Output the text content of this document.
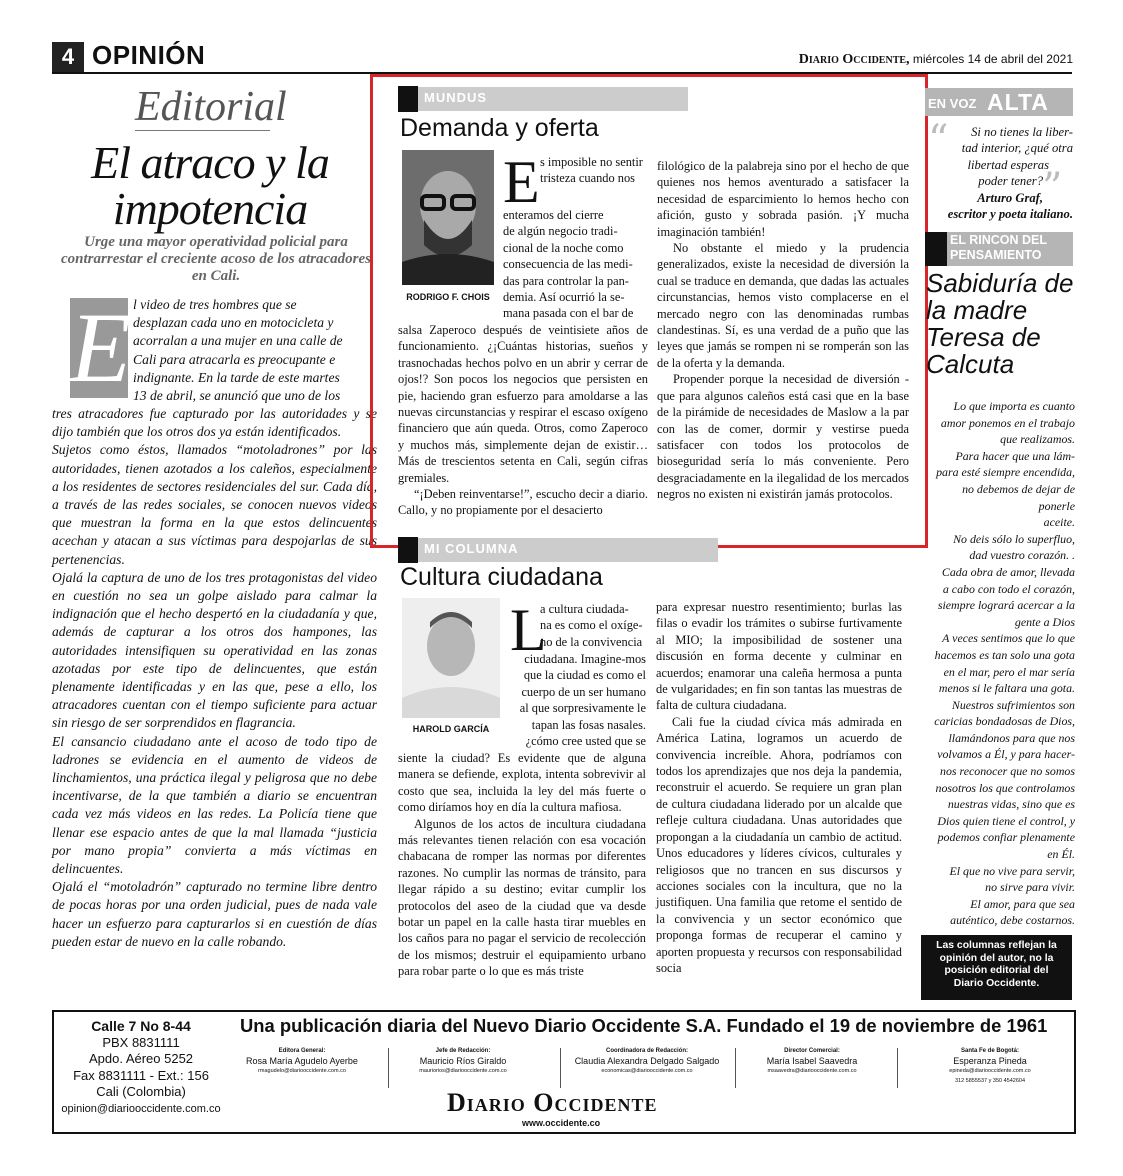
4 OPINIÓN	Diario Occidente, miércoles 14 de abril del 2021
Editorial
El atraco y la impotencia
Urge una mayor operatividad policial para contrarrestar el creciente acoso de los atracadores en Cali.
E l video de tres hombres que se
desplazan cada uno en motocicleta y
acorralan a una mujer en una calle de
Cali para atracarla es preocupante e
indignante. En la tarde de este martes
13 de abril, se anunció que uno de los
tres atracadores fue capturado por las autoridades y se dijo también que los otros dos ya están identificados.
Sujetos como éstos, llamados “motoladrones” por las autoridades, tienen azotados a los caleños, especialmente a los residentes de sectores residenciales del sur. Cada día, a través de las redes sociales, se conocen nuevos videos que muestran la forma en la que estos delincuentes acechan y atacan a sus víctimas para despojarlas de sus pertenencias.
Ojalá la captura de uno de los tres protagonistas del video en cuestión no sea un golpe aislado para calmar la indignación que el hecho despertó en la ciudadanía y que, además de capturar a los otros dos hampones, las autoridades intensifiquen su operatividad en las zonas azotadas por este tipo de delincuentes, que están plenamente identificadas y en las que, pese a ello, los atracadores cuentan con el tiempo suficiente para actuar sin riesgo de ser sorprendidos en flagrancia.
El cansancio ciudadano ante el acoso de todo tipo de ladrones se evidencia en el aumento de videos de linchamientos, una práctica ilegal y peligrosa que no debe incentivarse, de la que también a diario se encuentran cada vez más videos en las redes. La Policía tiene que llenar ese espacio antes de que la mal llamada “justicia por mano propia” convierta a más víctimas en delincuentes.
Ojalá el “motoladrón” capturado no termine libre dentro de pocas horas por una orden judicial, pues de nada vale hacer un esfuerzo para capturarlos si en cuestión de días pueden estar de nuevo en la calle robando.
MUNDUS
Demanda y oferta
RODRIGO F. CHOIS
E s imposible no sentir
tristeza cuando nos
enteramos del cierre
de algún negocio tradi-
cional de la noche como
consecuencia de las medi-
das para controlar la pan-
demia. Así ocurrió la se-
mana pasada con el bar de
salsa Zaperoco después de veintisiete años de funcionamiento. ¿¡Cuántas historias, sueños y trasnochadas hechos polvo en un abrir y cerrar de ojos!? Son pocos los negocios que persisten en pie, haciendo gran esfuerzo para amoldarse a las nuevas circunstancias y respirar el escaso oxígeno financiero que aún queda. Otros, como Zaperoco y muchos más, simplemente dejan de existir… Más de trescientos setenta en Cali, según cifras gremiales.
“¡Deben reinventarse!”, escucho decir a diario. Callo, y no propiamente por el desacierto
filológico de la palabreja sino por el hecho de que quienes nos hemos aventurado a satisfacer la necesidad de esparcimiento lo hemos hecho con afición, gusto y sobrada pasión. ¡Y mucha imaginación también!
No obstante el miedo y la prudencia generalizados, existe la necesidad de diversión la cual se traduce en demanda, que dadas las actuales circunstancias, hemos visto complacerse en el mercado negro con las denominadas rumbas clandestinas. Sí, es una verdad de a puño que las leyes que jamás se rompen ni se romperán son las de la oferta y la demanda.
Propender porque la necesidad de diversión -que para algunos caleños está casi que en la base de la pirámide de necesidades de Maslow a la par con las de comer, dormir y vestirse pueda satisfacer con todos los protocolos de bioseguridad sería lo más conveniente. Pero desgraciadamente en la ilegalidad de los mercados negros no existen ni existirán jamás protocolos.
MI COLUMNA
Cultura ciudadana
HAROLD GARCÍA
L
a cultura ciudada-
na es como el oxíge-
no de la convivencia
ciudadana. Imagine-mos
que la ciudad es como el
cuerpo de un ser humano
al que sorpresivamente le
tapan las fosas nasales.
¿cómo cree usted que se
siente la ciudad? Es evidente que de alguna manera se defiende, explota, intenta sobrevivir al costo que sea, incluida la ley del más fuerte o como diríamos hoy en día la cultura mafiosa.
Algunos de los actos de incultura ciudadana más relevantes tienen relación con esa vocación chabacana de romper las normas por diferentes razones. No cumplir las normas de tránsito, para llegar rápido a su destino; evitar cumplir los protocolos del aseo de la ciudad que va desde botar un papel en la calle hasta tirar muebles en los caños para no pagar el servicio de recolección de los mismos; destruir el equipamiento urbano para robar parte o lo que es más triste
para expresar nuestro resentimiento; burlas las filas o evadir los trámites o subirse furtivamente al MIO; la imposibilidad de sostener una discusión en forma decente y culminar en acuerdos; enamorar una caleña hermosa a punta de vulgaridades; en fin son tantas las muestras de falta de cultura ciudadana.
Cali fue la ciudad cívica más admirada en América Latina, logramos un acuerdo de convivencia increíble. Ahora, podríamos con todos los aprendizajes que nos deja la pandemia, reconstruir el acuerdo. Se requiere un gran plan de cultura ciudadana liderado por un alcalde que refleje cultura ciudadana. Unas autoridades que propongan a la ciudadanía un cambio de actitud. Unos educadores y líderes cívicos, culturales y religiosos que no trancen en sus discursos y acciones sociales con la incultura, que no la justifiquen. Una familia que retome el sentido de la convivencia y un sector económico que proponga formas de recuperar el camino y aporten propuesta y recursos con responsabilidad socia
EN VOZ ALTA
“
”
Si no tienes la liber-
tad interior, ¿qué otra
libertad esperas
poder tener?
Arturo Graf,
escritor y poeta italiano.
EL RINCON DEL PENSAMIENTO
Sabiduría de
la madre
Teresa de
Calcuta
Lo que importa es cuanto
amor ponemos en el trabajo
que realizamos.
Para hacer que una lám-
para esté siempre encendida,
no debemos de dejar de ponerle
aceite.
No deis sólo lo superfluo,
dad vuestro corazón. .
Cada obra de amor, llevada
a cabo con todo el corazón,
siempre logrará acercar a la
gente a Dios
A veces sentimos que lo que
hacemos es tan solo una gota
en el mar, pero el mar sería
menos si le faltara una gota.
Nuestros sufrimientos son
caricias bondadosas de Dios,
llamándonos para que nos
volvamos a Él, y para hacer-
nos reconocer que no somos
nosotros los que controlamos
nuestras vidas, sino que es
Dios quien tiene el control, y
podemos confiar plenamente
en Él.
El que no vive para servir,
no sirve para vivir.
El amor, para que sea
auténtico, debe costarnos.
Las columnas reflejan la
opinión del autor, no la
posición editorial del
Diario Occidente.
Calle 7 No 8-44
PBX 8831111
Apdo. Aéreo 5252
Fax 8831111 - Ext.: 156
Cali (Colombia)
opinion@diariooccidente.com.co
Una publicación diaria del Nuevo Diario Occidente S.A. Fundado el 19 de noviembre de 1961
Editora General:
Rosa María Agudelo Ayerbe
rmagudelo@diariooccidente.com.co
Jefe de Redacción:
Mauricio Ríos Giraldo
mauriorios@diariooccidente.com.co
Coordinadora de Redacción:
Claudia Alexandra Delgado Salgado
economicas@diariooccidente.com.co
Director Comercial:
María Isabel Saavedra
msaavedra@diariooccidente.com.co
Santa Fe de Bogotá:
Esperanza Pineda
epineda@diariooccidente.com.co
312 5855537 y 350 4542604
Diario Occidente
www.occidente.co
